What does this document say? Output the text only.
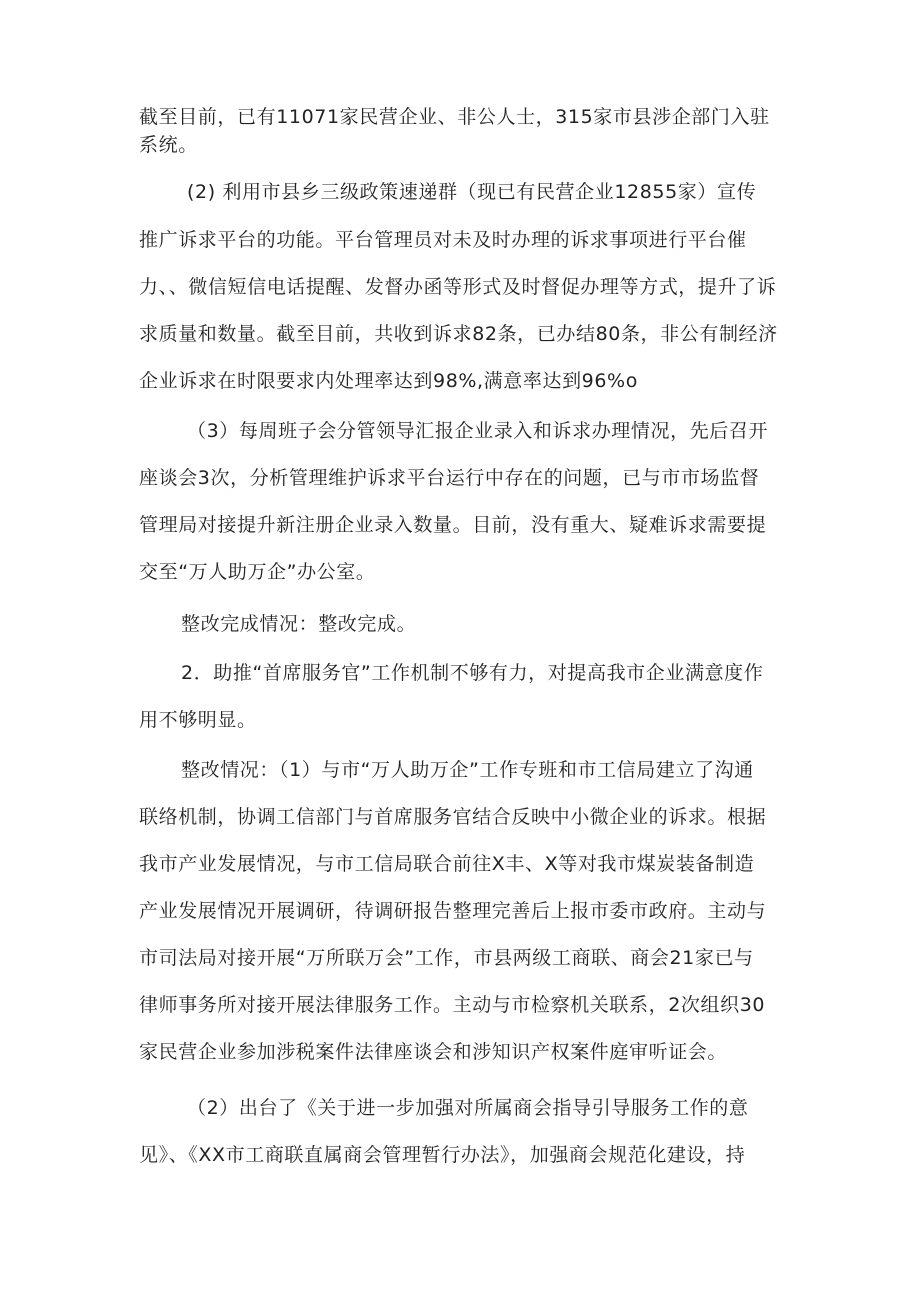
截至目前，已有11071家民营企业、非公人士，315家市县涉企部门入驻

系统。

(2) 利用市县乡三级政策速递群（现已有民营企业12855家）宣传

推广诉求平台的功能。平台管理员对未及时办理的诉求事项进行平台催

力、、微信短信电话提醒、发督办函等形式及时督促办理等方式，提升了诉

求质量和数量。截至目前，共收到诉求82条，已办结80条，非公有制经济

企业诉求在时限要求内处理率达到98%,满意率达到96%o

（3）每周班子会分管领导汇报企业录入和诉求办理情况，先后召开

座谈会3次，分析管理维护诉求平台运行中存在的问题，已与市市场监督

管理局对接提升新注册企业录入数量。目前，没有重大、疑难诉求需要提

交至“万人助万企”办公室。

整改完成情况：整改完成。

2．助推“首席服务官”工作机制不够有力，对提高我市企业满意度作

用不够明显。

整改情况：（1）与市“万人助万企”工作专班和市工信局建立了沟通

联络机制，协调工信部门与首席服务官结合反映中小微企业的诉求。根据

我市产业发展情况，与市工信局联合前往X丰、X等对我市煤炭装备制造

产业发展情况开展调研，待调研报告整理完善后上报市委市政府。主动与

市司法局对接开展“万所联万会”工作，市县两级工商联、商会21家已与

律师事务所对接开展法律服务工作。主动与市检察机关联系，2次组织30

家民营企业参加涉税案件法律座谈会和涉知识产权案件庭审听证会。

（2）出台了《关于进一步加强对所属商会指导引导服务工作的意

见》、《XX市工商联直属商会管理暂行办法》，加强商会规范化建设，持
